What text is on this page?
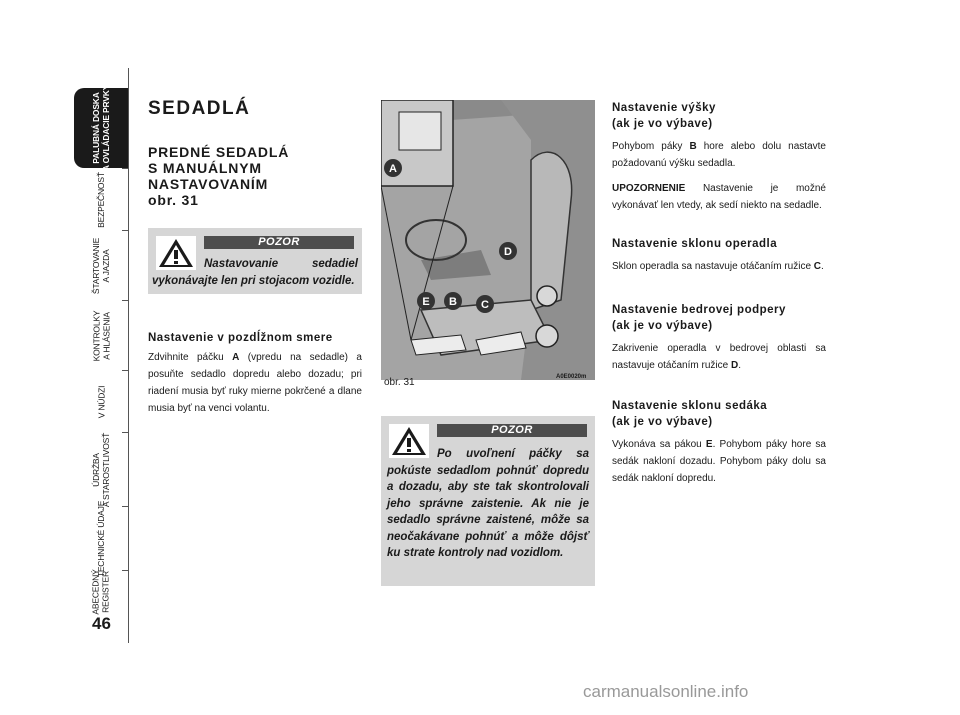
PALUBNÁ DOSKA
A OVLÁDACIE PRVKY
BEZPEČNOSŤ
ŠTARTOVANIE
A JAZDA
KONTROLKY
A HLÁSENIA
V NÚDZI
ÚDRŽBA
A STAROSTLIVOSŤ
TECHNICKÉ ÚDAJE
ABECEDNÝ
REGISTER
46
SEDADLÁ
PREDNÉ SEDADLÁ
S MANUÁLNYM
NASTAVOVANÍM
obr. 31
POZOR
Nastavovanie sedadiel vykonávajte len pri stojacom vozidle.
Nastavenie v pozdĺžnom smere
Zdvihnite páčku A (vpredu na sedadle) a posuňte sedadlo dopredu alebo dozadu; pri riadení musia byť ruky mierne pokrčené a dlane musia byť na venci volantu.
A
B C
D
E
obr. 31	A0E0020m
POZOR
Po uvoľnení páčky sa pokúste sedadlom pohnúť dopredu a dozadu, aby ste tak skontrolovali jeho správne zaistenie. Ak nie je sedadlo správne zaistené, môže sa neočakávane pohnúť a môže dôjsť ku strate kontroly nad vozidlom.
Nastavenie výšky
(ak je vo výbave)
Pohybom páky B hore alebo dolu nastavte požadovanú výšku sedadla.
UPOZORNENIE Nastavenie je možné vykonávať len vtedy, ak sedí niekto na sedadle.
Nastavenie sklonu operadla
Sklon operadla sa nastavuje otáčaním ružice C.
Nastavenie bedrovej podpery
(ak je vo výbave)
Zakrivenie operadla v bedrovej oblasti sa nastavuje otáčaním ružice D.
Nastavenie sklonu sedáka
(ak je vo výbave)
Vykonáva sa pákou E. Pohybom páky hore sa sedák nakloní dozadu. Pohybom páky dolu sa sedák nakloní dopredu.
carmanualsonline.info
